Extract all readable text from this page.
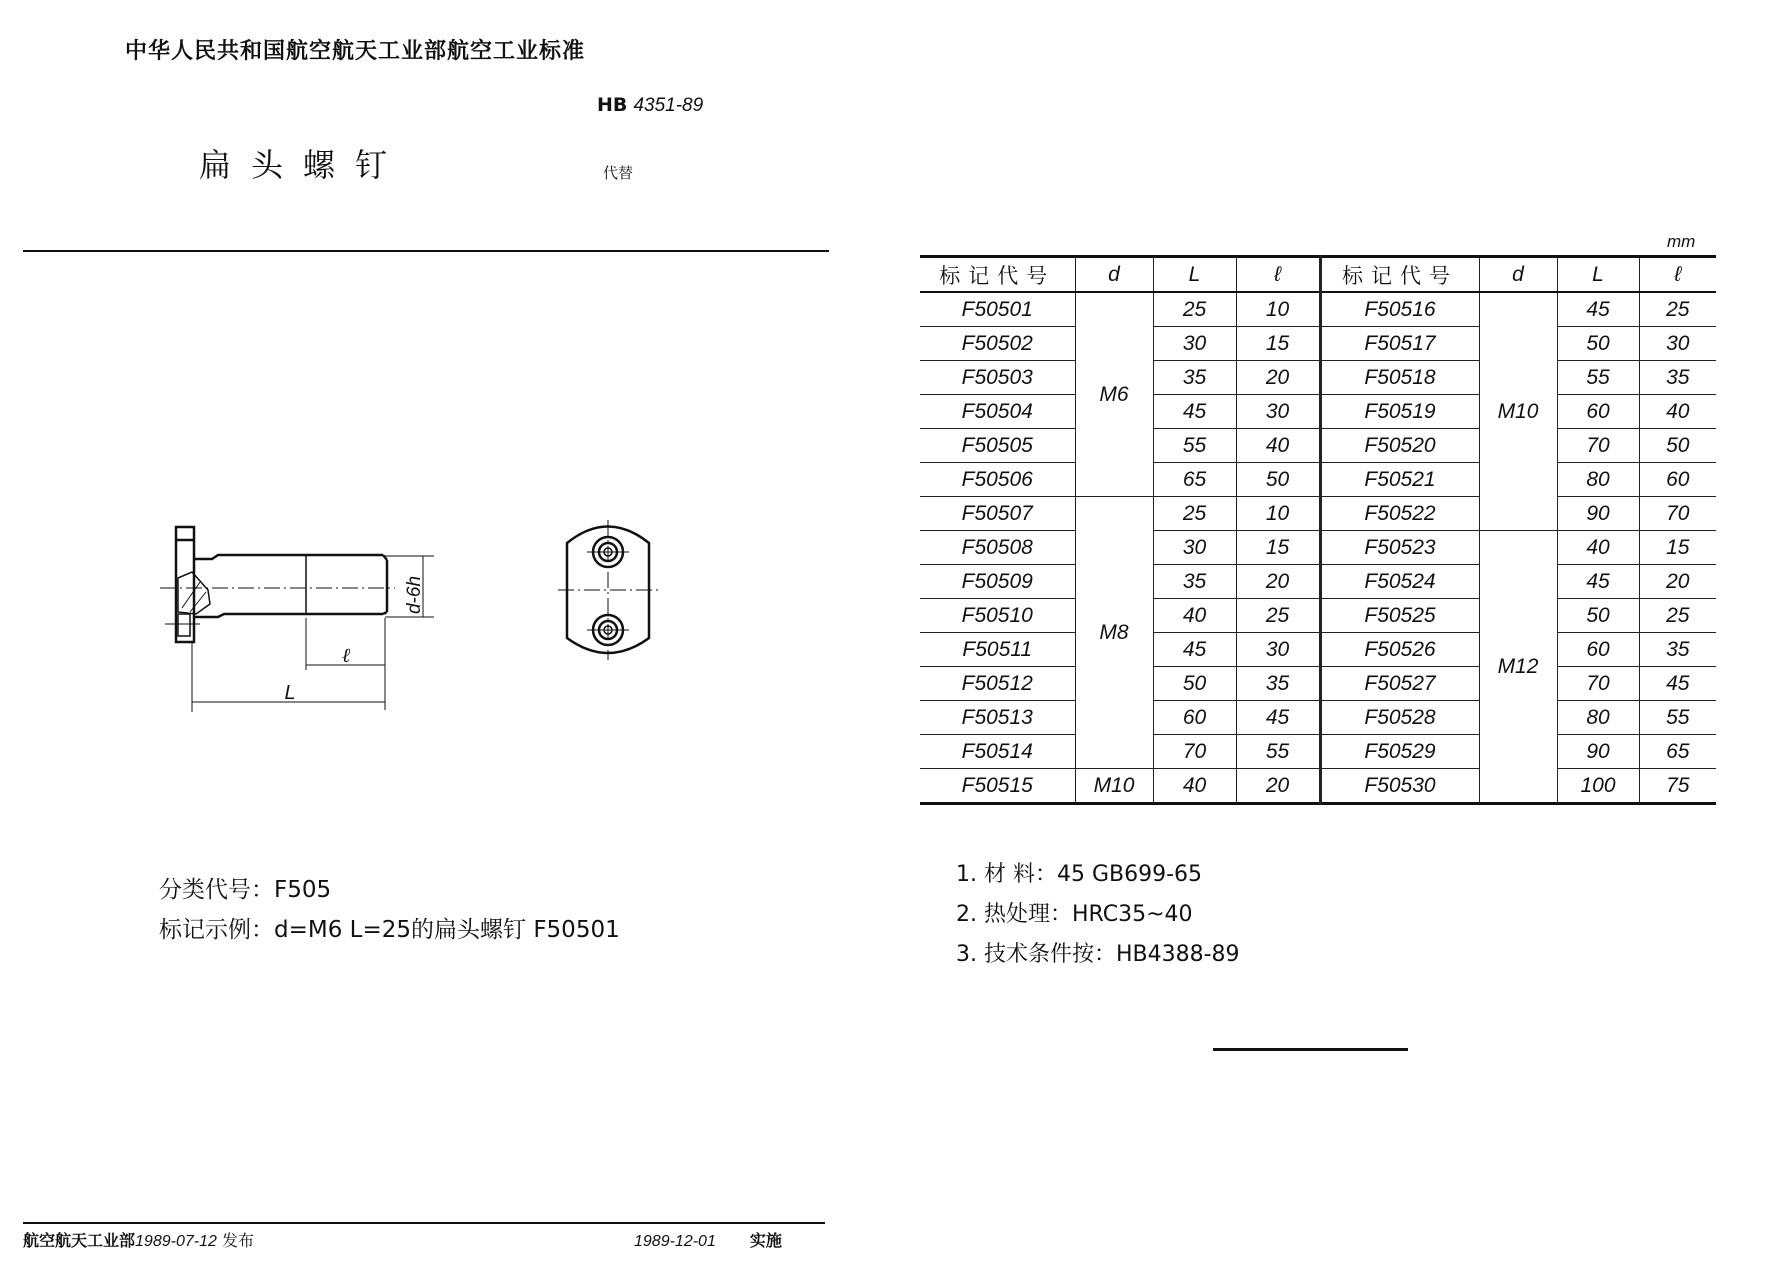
中华人民共和国航空航天工业部航空工业标准
HB 4351-89
扁头螺钉	代替
d-6h
ℓ
L
分类代号：F505
标记示例：d=M6 L=25的扁头螺钉 F50501
mm
标记代号	d	L	ℓ	标记代号	d	L	ℓ
F50501	M6	25	10	F50516	M10	45	25
F50502		30	15	F50517		50	30
F50503		35	20	F50518		55	35
F50504		45	30	F50519		60	40
F50505		55	40	F50520		70	50
F50506		65	50	F50521		80	60
F50507	M8	25	10	F50522		90	70
F50508		30	15	F50523	M12	40	15
F50509		35	20	F50524		45	20
F50510		40	25	F50525		50	25
F50511		45	30	F50526		60	35
F50512		50	35	F50527		70	45
F50513		60	45	F50528		80	55
F50514		70	55	F50529		90	65
F50515	M10	40	20	F50530		100	75
1. 材 料：45 GB699-65
2. 热处理：HRC35~40
3. 技术条件按：HB4388-89
航空航天工业部1989-07-12 发布	1989-12-01 实施
